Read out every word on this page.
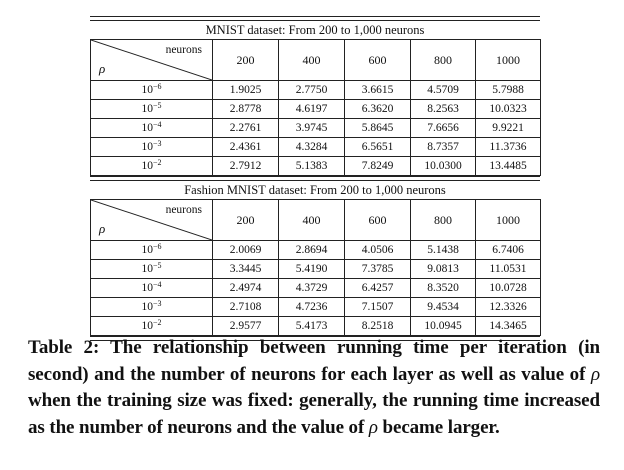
MNIST dataset: From 200 to 1,000 neurons
neurons
ρ	200	400	600	800	1000
$10^{-6}$	1.9025	2.7750	3.6615	4.5709	5.7988
$10^{-5}$	2.8778	4.6197	6.3620	8.2563	10.0323
$10^{-4}$	2.2761	3.9745	5.8645	7.6656	9.9221
$10^{-3}$	2.4361	4.3284	6.5651	8.7357	11.3736
$10^{-2}$	2.7912	5.1383	7.8249	10.0300	13.4485
Fashion MNIST dataset: From 200 to 1,000 neurons
neurons
ρ	200	400	600	800	1000
$10^{-6}$	2.0069	2.8694	4.0506	5.1438	6.7406
$10^{-5}$	3.3445	5.4190	7.3785	9.0813	11.0531
$10^{-4}$	2.4974	4.3729	6.4257	8.3520	10.0728
$10^{-3}$	2.7108	4.7236	7.1507	9.4534	12.3326
$10^{-2}$	2.9577	5.4173	8.2518	10.0945	14.3465
Table 2: The relationship between running time per iteration (in second) and the number of neurons for each layer as well as value of ρ when the training size was fixed: generally, the running time increased as the number of neurons and the value of ρ became larger.
